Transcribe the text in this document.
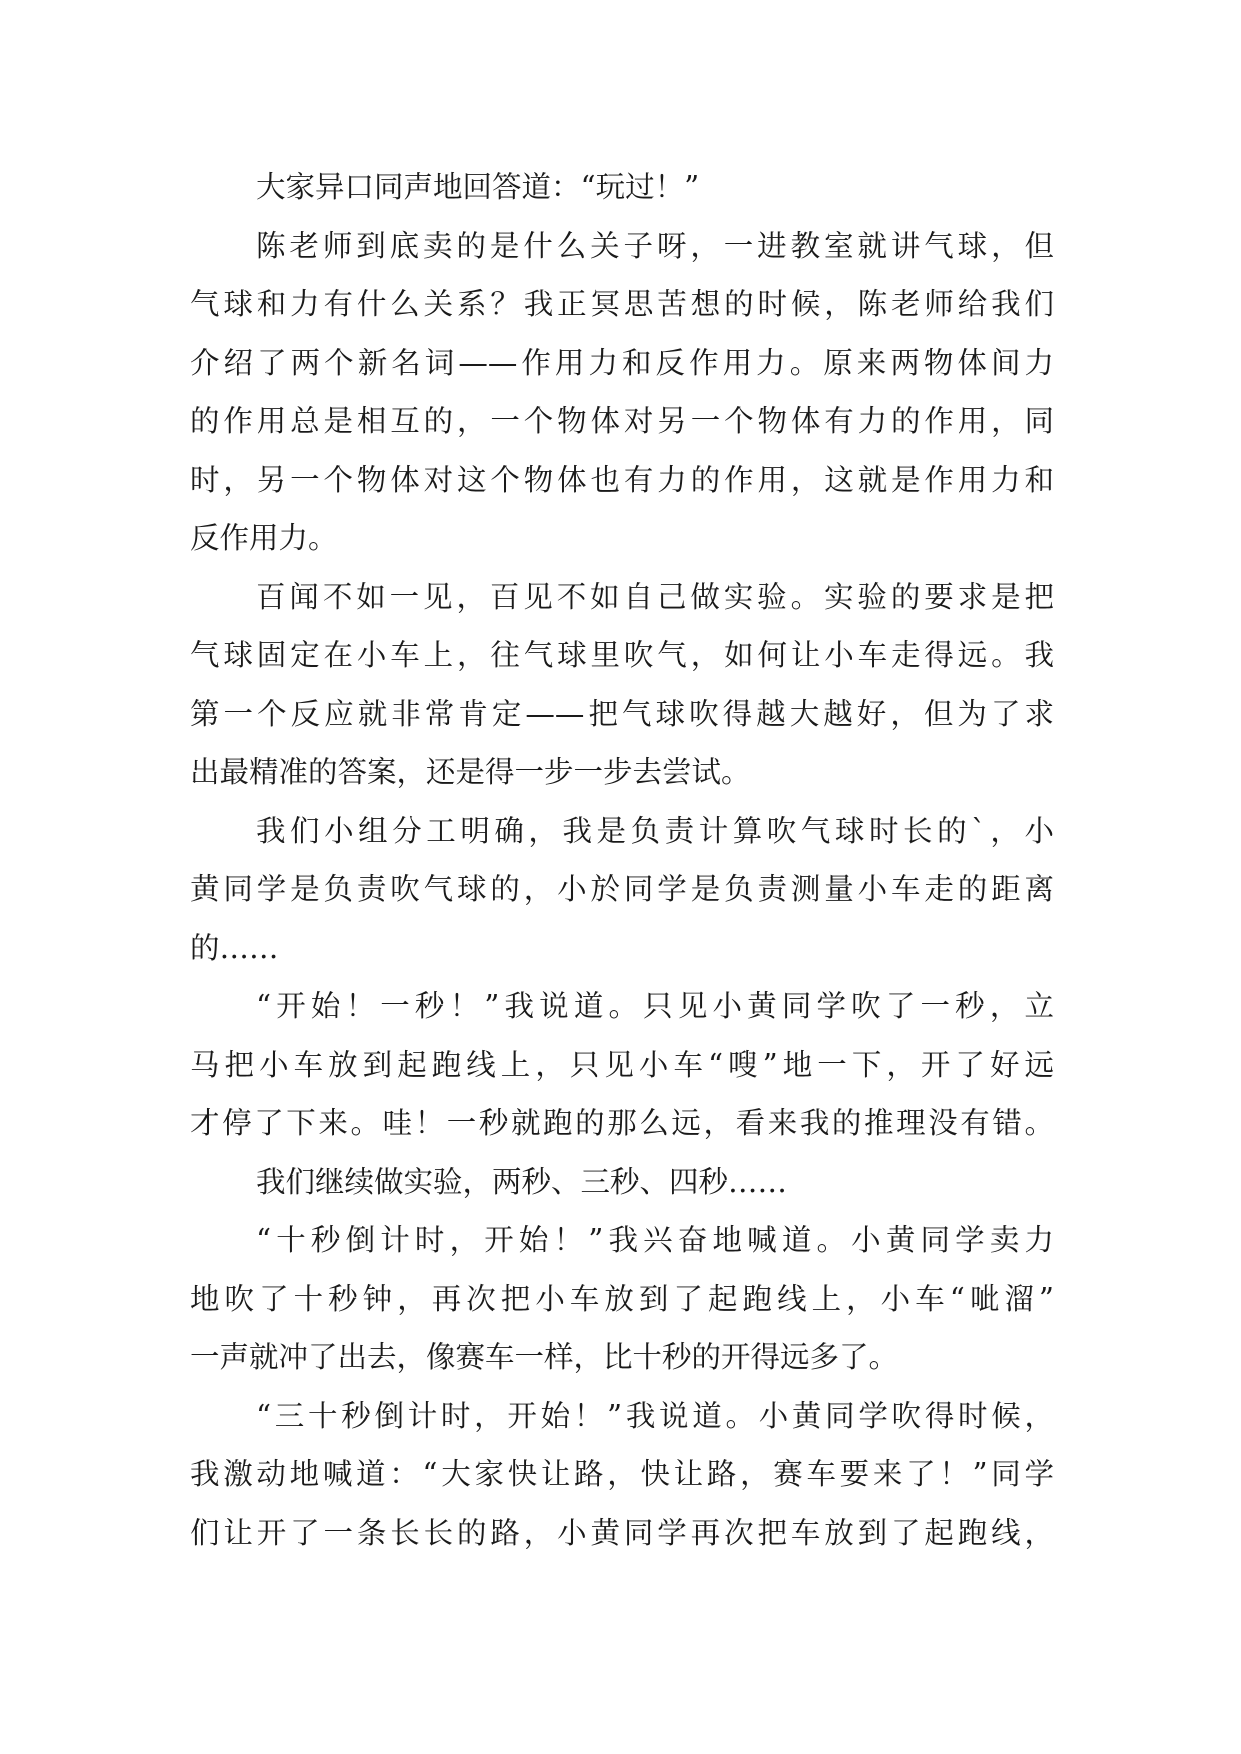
大家异口同声地回答道：“玩过！”
陈老师到底卖的是什么关子呀，一进教室就讲气球，但
气球和力有什么关系？我正冥思苦想的时候，陈老师给我们
介绍了两个新名词——作用力和反作用力。原来两物体间力
的作用总是相互的，一个物体对另一个物体有力的作用，同
时，另一个物体对这个物体也有力的作用，这就是作用力和
反作用力。
百闻不如一见，百见不如自己做实验。实验的要求是把
气球固定在小车上，往气球里吹气，如何让小车走得远。我
第一个反应就非常肯定——把气球吹得越大越好，但为了求
出最精准的答案，还是得一步一步去尝试。
我们小组分工明确，我是负责计算吹气球时长的`，小
黄同学是负责吹气球的，小於同学是负责测量小车走的距离
的……
“开始！一秒！”我说道。只见小黄同学吹了一秒，立
马把小车放到起跑线上，只见小车“嗖”地一下，开了好远
才停了下来。哇！一秒就跑的那么远，看来我的推理没有错。
我们继续做实验，两秒、三秒、四秒……
“十秒倒计时，开始！”我兴奋地喊道。小黄同学卖力
地吹了十秒钟，再次把小车放到了起跑线上，小车“呲溜”
一声就冲了出去，像赛车一样，比十秒的开得远多了。
“三十秒倒计时，开始！”我说道。小黄同学吹得时候，
我激动地喊道：“大家快让路，快让路，赛车要来了！”同学
们让开了一条长长的路，小黄同学再次把车放到了起跑线，
